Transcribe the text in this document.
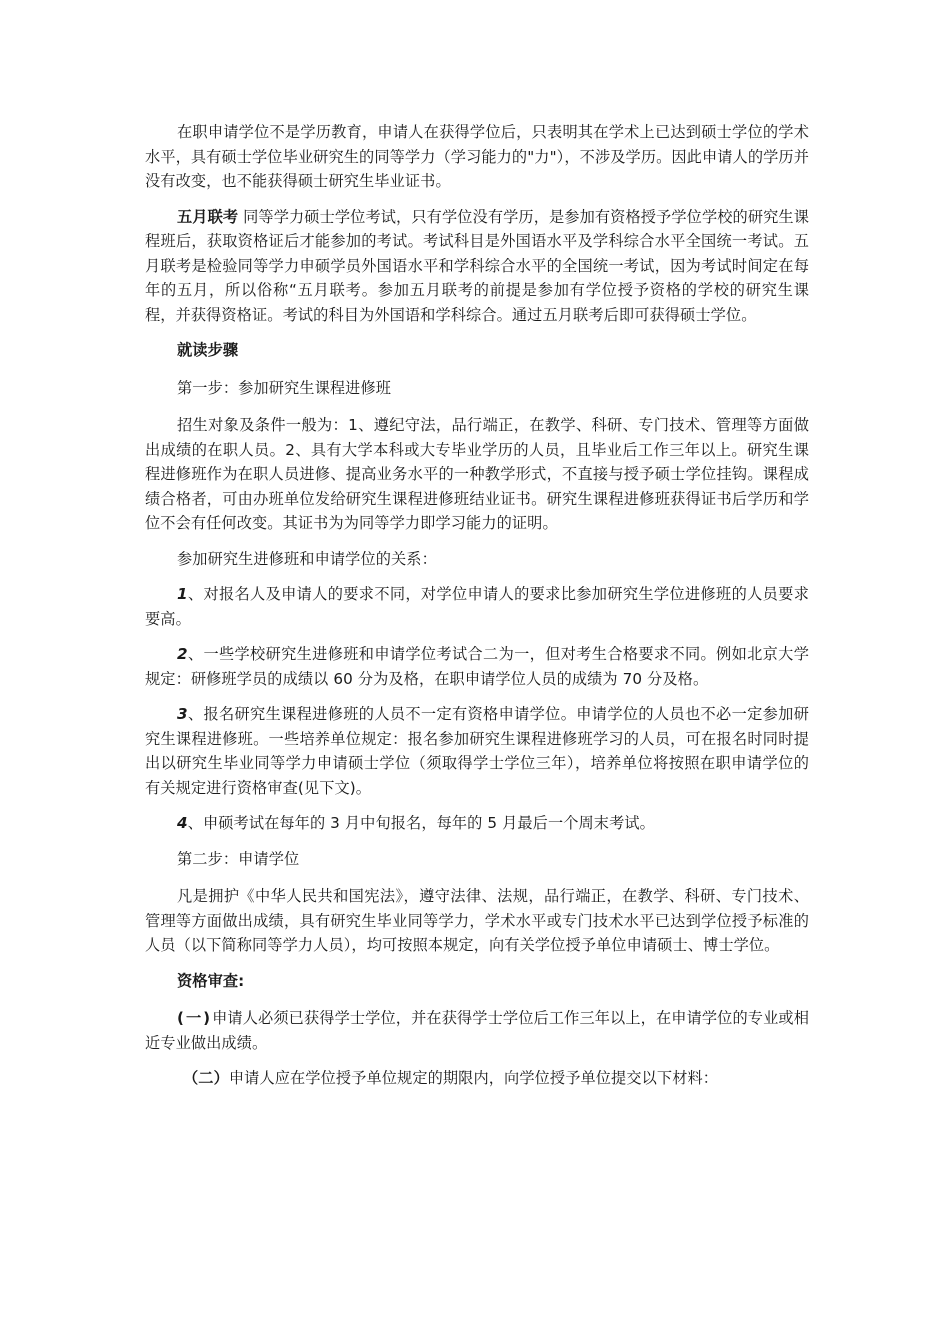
在职申请学位不是学历教育，申请人在获得学位后，只表明其在学术上已达到硕士学位的学术水平，具有硕士学位毕业研究生的同等学力（学习能力的"力"），不涉及学历。因此申请人的学历并没有改变，也不能获得硕士研究生毕业证书。

五月联考 同等学力硕士学位考试，只有学位没有学历，是参加有资格授予学位学校的研究生课程班后，获取资格证后才能参加的考试。考试科目是外国语水平及学科综合水平全国统一考试。五月联考是检验同等学力申硕学员外国语水平和学科综合水平的全国统一考试，因为考试时间定在每年的五月，所以俗称“五月联考。参加五月联考的前提是参加有学位授予资格的学校的研究生课程，并获得资格证。考试的科目为外国语和学科综合。通过五月联考后即可获得硕士学位。

就读步骤

第一步：参加研究生课程进修班

招生对象及条件一般为：1、遵纪守法，品行端正，在教学、科研、专门技术、管理等方面做出成绩的在职人员。2、具有大学本科或大专毕业学历的人员，且毕业后工作三年以上。研究生课程进修班作为在职人员进修、提高业务水平的一种教学形式，不直接与授予硕士学位挂钩。课程成绩合格者，可由办班单位发给研究生课程进修班结业证书。研究生课程进修班获得证书后学历和学位不会有任何改变。其证书为为同等学力即学习能力的证明。

参加研究生进修班和申请学位的关系：

1、对报名人及申请人的要求不同，对学位申请人的要求比参加研究生学位进修班的人员要求要高。

2、一些学校研究生进修班和申请学位考试合二为一，但对考生合格要求不同。例如北京大学规定：研修班学员的成绩以 60 分为及格，在职申请学位人员的成绩为 70 分及格。

3、报名研究生课程进修班的人员不一定有资格申请学位。申请学位的人员也不必一定参加研究生课程进修班。一些培养单位规定：报名参加研究生课程进修班学习的人员，可在报名时同时提出以研究生毕业同等学力申请硕士学位（须取得学士学位三年），培养单位将按照在职申请学位的有关规定进行资格审查(见下文)。

4、申硕考试在每年的 3 月中旬报名，每年的 5 月最后一个周末考试。

第二步：申请学位

凡是拥护《中华人民共和国宪法》，遵守法律、法规，品行端正，在教学、科研、专门技术、管理等方面做出成绩，具有研究生毕业同等学力，学术水平或专门技术水平已达到学位授予标准的人员（以下简称同等学力人员），均可按照本规定，向有关学位授予单位申请硕士、博士学位。

资格审查:

(一)申请人必须已获得学士学位，并在获得学士学位后工作三年以上，在申请学位的专业或相近专业做出成绩。

（二）申请人应在学位授予单位规定的期限内，向学位授予单位提交以下材料：
